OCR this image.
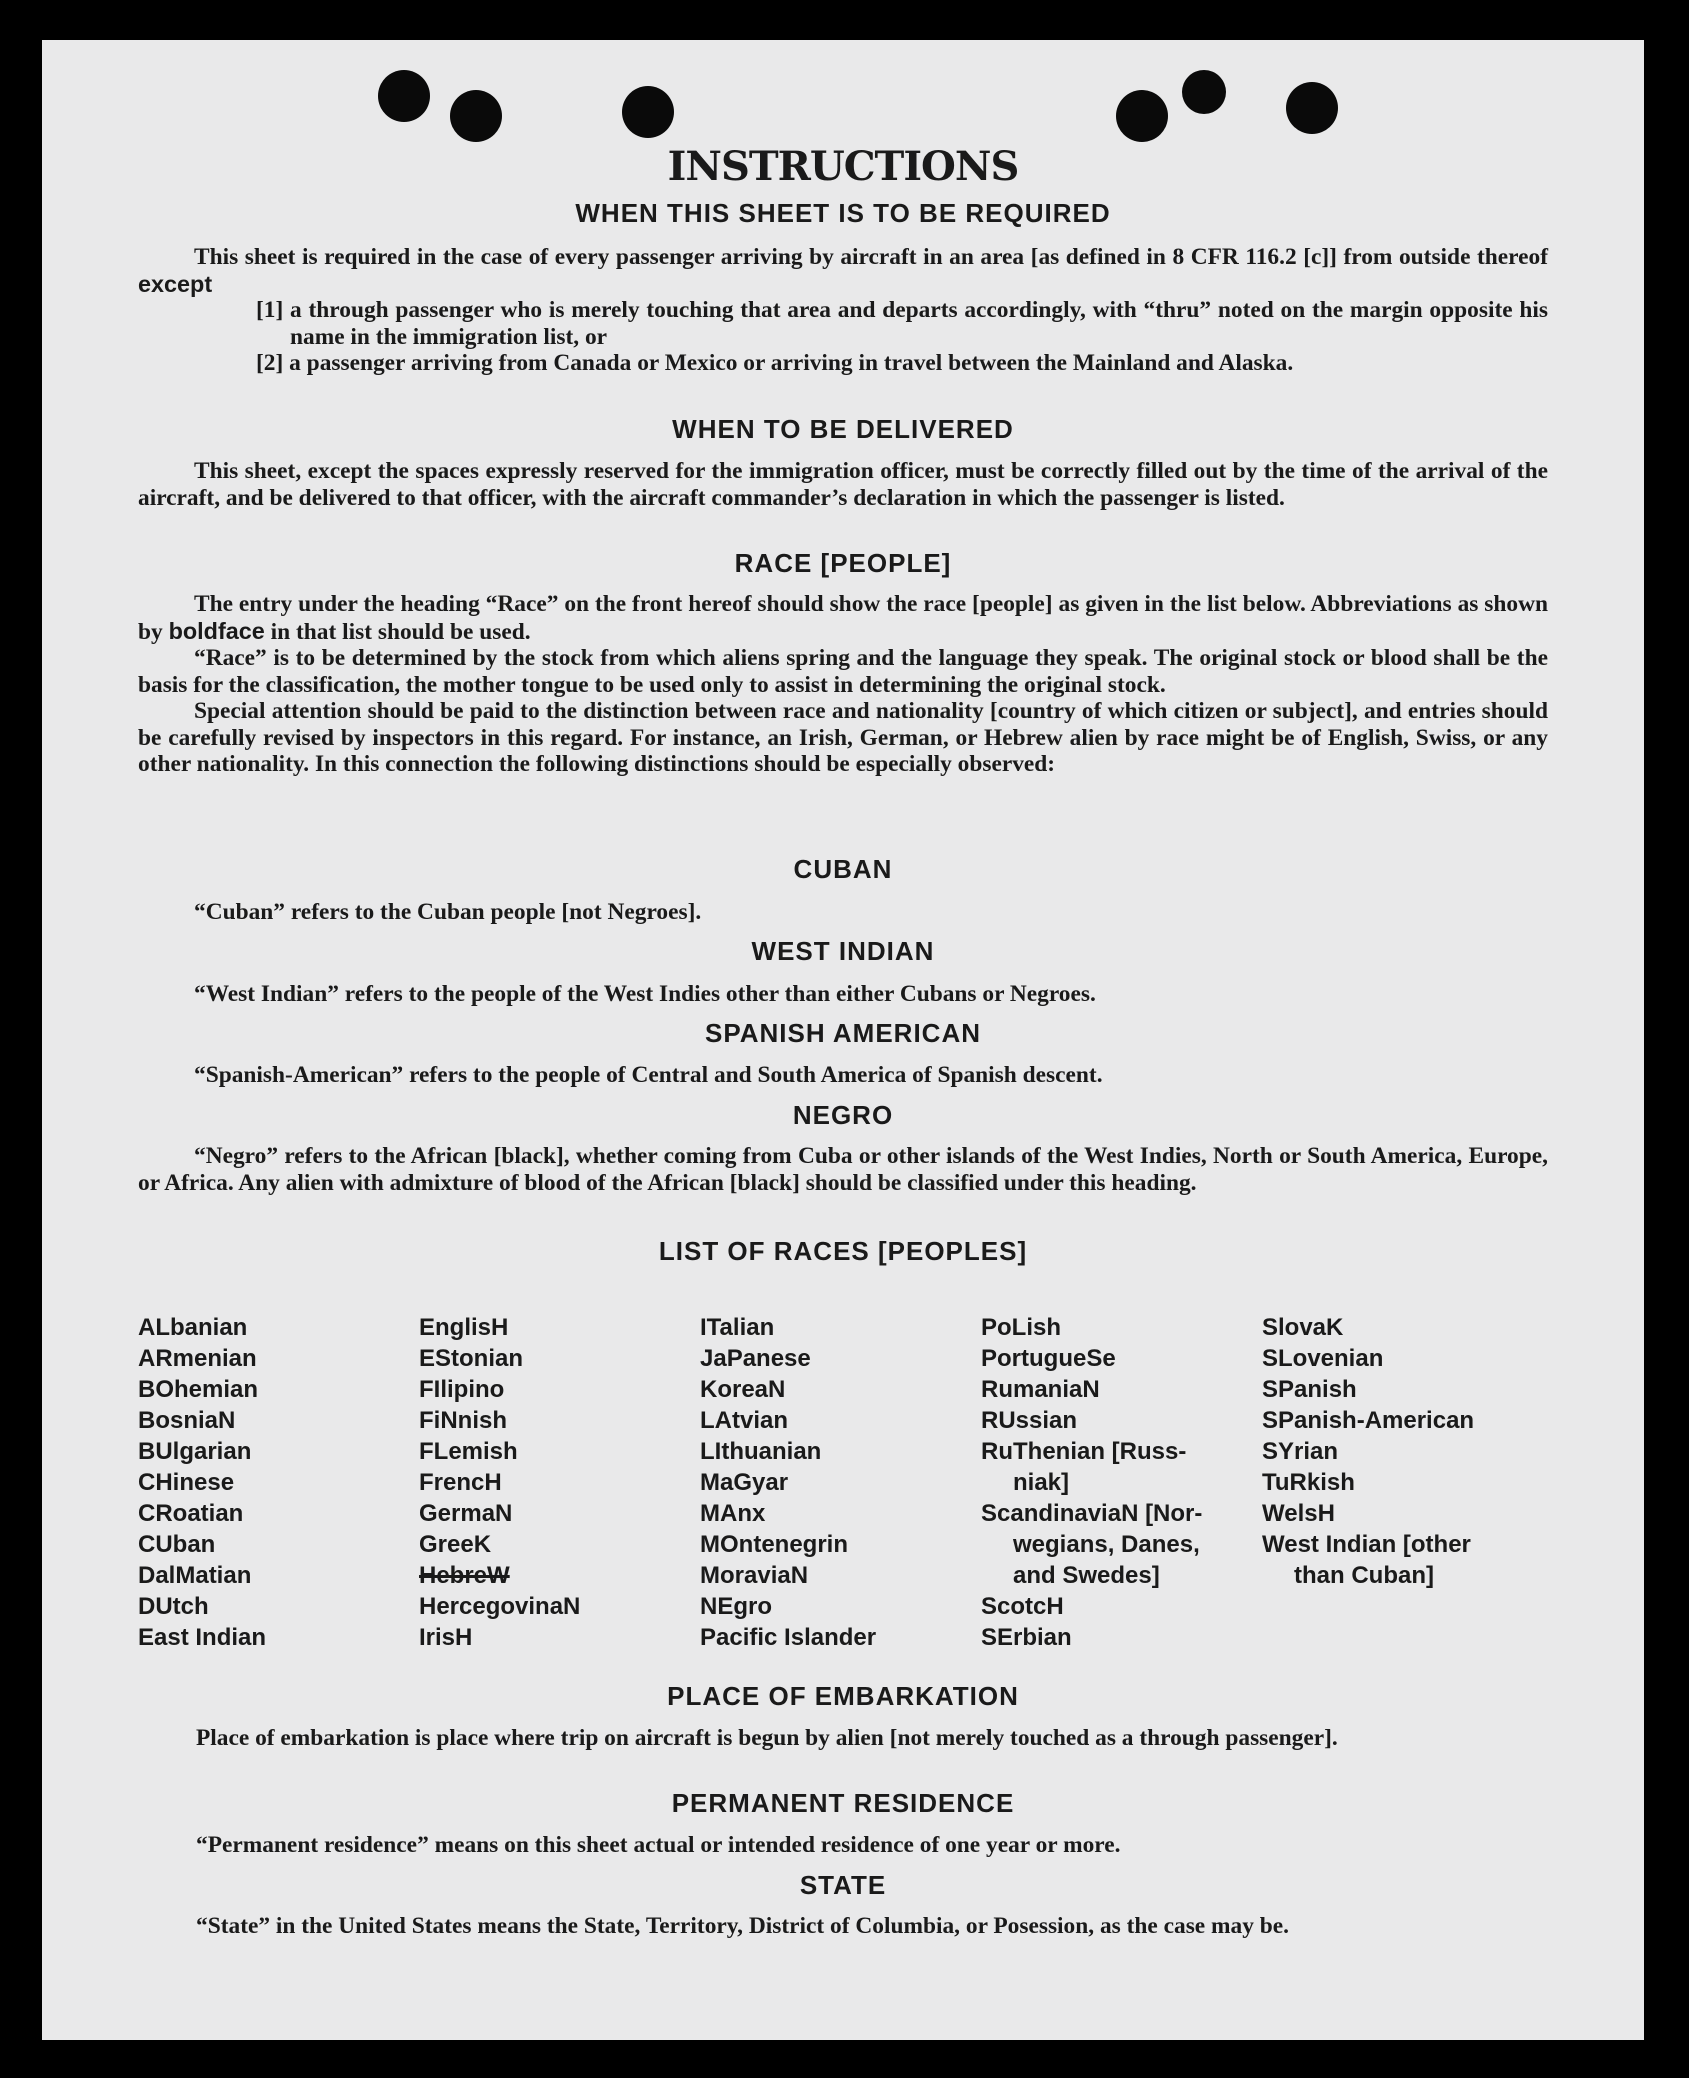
INSTRUCTIONS
WHEN THIS SHEET IS TO BE REQUIRED

This sheet is required in the case of every passenger arriving by aircraft in an area [as defined in 8 CFR 116.2 [c]] from outside thereof except

[1] a through passenger who is merely touching that area and departs accordingly, with “thru” noted on the margin opposite his name in the immigration list, or
[2] a passenger arriving from Canada or Mexico or arriving in travel between the Mainland and Alaska.
WHEN TO BE DELIVERED

This sheet, except the spaces expressly reserved for the immigration officer, must be correctly filled out by the time of the arrival of the aircraft, and be delivered to that officer, with the aircraft commander’s declaration in which the passenger is listed.

RACE [PEOPLE]

The entry under the heading “Race” on the front hereof should show the race [people] as given in the list below. Abbreviations as shown by boldface in that list should be used.

“Race” is to be determined by the stock from which aliens spring and the language they speak. The original stock or blood shall be the basis for the classification, the mother tongue to be used only to assist in determining the original stock.

Special attention should be paid to the distinction between race and nationality [country of which citizen or subject], and entries should be carefully revised by inspectors in this regard. For instance, an Irish, German, or Hebrew alien by race might be of English, Swiss, or any other nationality. In this connection the following distinctions should be especially observed:

CUBAN

“Cuban” refers to the Cuban people [not Negroes].

WEST INDIAN

“West Indian” refers to the people of the West Indies other than either Cubans or Negroes.

SPANISH AMERICAN

“Spanish-American” refers to the people of Central and South America of Spanish descent.

NEGRO

“Negro” refers to the African [black], whether coming from Cuba or other islands of the West Indies, North or South America, Europe, or Africa. Any alien with admixture of blood of the African [black] should be classified under this heading.

LIST OF RACES [PEOPLES]
ALbanian
ARmenian
BOhemian
BosniaN
BUlgarian
CHinese
CRoatian
CUban
DalMatian
DUtch
East Indian
EnglisH
EStonian
FIlipino
FiNnish
FLemish
FrencH
GermaN
GreeK
HebreW
HercegovinaN
IrisH
ITalian
JaPanese
KoreaN
LAtvian
LIthuanian
MaGyar
MAnx
MOntenegrin
MoraviaN
NEgro
Pacific Islander
PoLish
PortugueSe
RumaniaN
RUssian
RuThenian [Russ-
niak]
ScandinaviaN [Nor-
wegians, Danes,
and Swedes]
ScotcH
SErbian
SlovaK
SLovenian
SPanish
SPanish-American
SYrian
TuRkish
WelsH
West Indian [other
than Cuban]
PLACE OF EMBARKATION

Place of embarkation is place where trip on aircraft is begun by alien [not merely touched as a through passenger].

PERMANENT RESIDENCE

“Permanent residence” means on this sheet actual or intended residence of one year or more.

STATE

“State” in the United States means the State, Territory, District of Columbia, or Posession, as the case may be.
